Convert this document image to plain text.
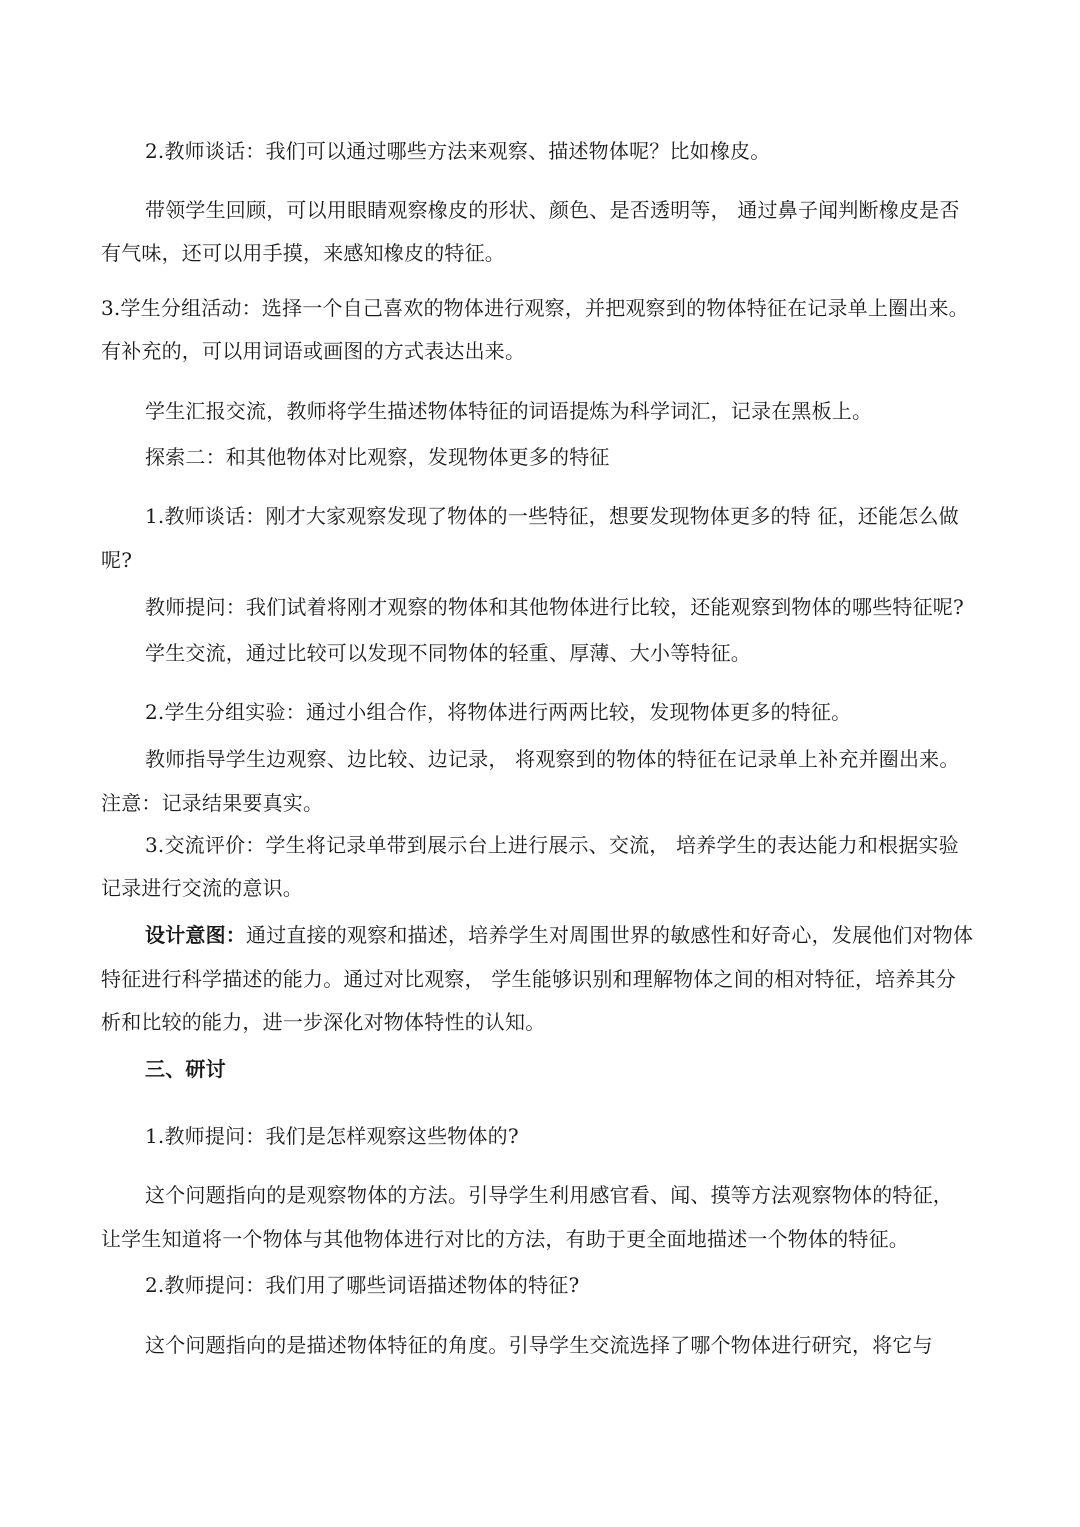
2.教师谈话：我们可以通过哪些方法来观察、描述物体呢？比如橡皮。
带领学生回顾，可以用眼睛观察橡皮的形状、颜色、是否透明等， 通过鼻子闻判断橡皮是否
有气味，还可以用手摸，来感知橡皮的特征。
3.学生分组活动：选择一个自己喜欢的物体进行观察，并把观察到的物体特征在记录单上圈出来。
有补充的，可以用词语或画图的方式表达出来。
学生汇报交流，教师将学生描述物体特征的词语提炼为科学词汇，记录在黑板上。
探索二：和其他物体对比观察，发现物体更多的特征
1.教师谈话：刚才大家观察发现了物体的一些特征，想要发现物体更多的特 征，还能怎么做
呢?
教师提问：我们试着将刚才观察的物体和其他物体进行比较，还能观察到物体的哪些特征呢?
学生交流，通过比较可以发现不同物体的轻重、厚薄、大小等特征。
2.学生分组实验：通过小组合作，将物体进行两两比较，发现物体更多的特征。
教师指导学生边观察、边比较、边记录， 将观察到的物体的特征在记录单上补充并圈出来。
注意：记录结果要真实。
3.交流评价：学生将记录单带到展示台上进行展示、交流， 培养学生的表达能力和根据实验
记录进行交流的意识。
设计意图：通过直接的观察和描述，培养学生对周围世界的敏感性和好奇心，发展他们对物体
特征进行科学描述的能力。通过对比观察， 学生能够识别和理解物体之间的相对特征，培养其分
析和比较的能力，进一步深化对物体特性的认知。
三、研讨
1.教师提问：我们是怎样观察这些物体的?
这个问题指向的是观察物体的方法。引导学生利用感官看、闻、摸等方法观察物体的特征，
让学生知道将一个物体与其他物体进行对比的方法，有助于更全面地描述一个物体的特征。
2.教师提问：我们用了哪些词语描述物体的特征?
这个问题指向的是描述物体特征的角度。引导学生交流选择了哪个物体进行研究，将它与
